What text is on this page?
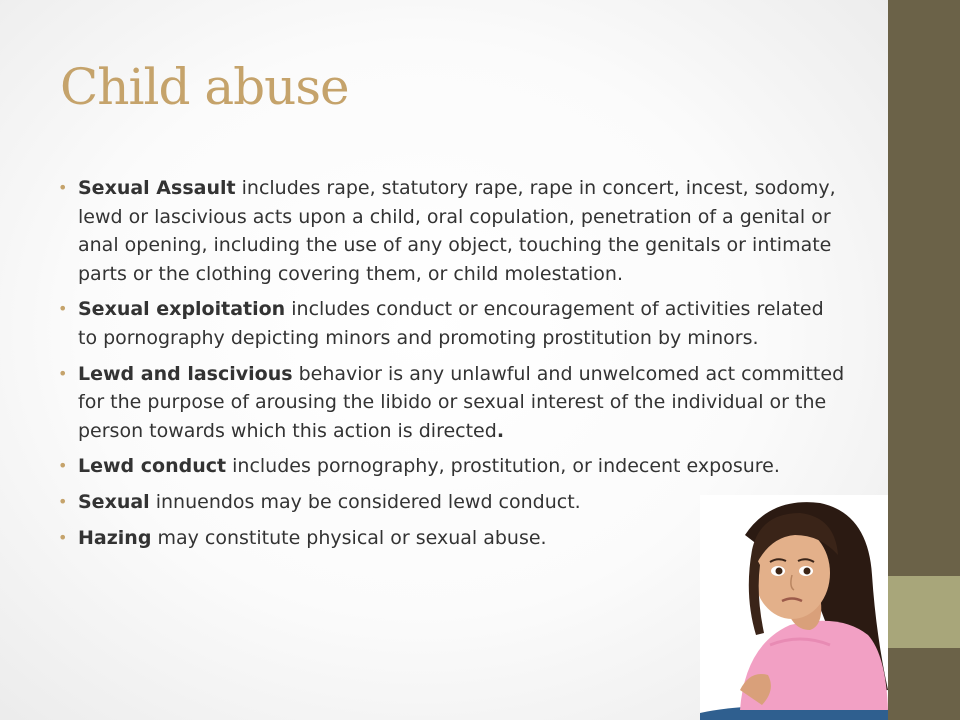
Child abuse
• Sexual Assault includes rape, statutory rape, rape in concert, incest, sodomy, lewd or lascivious acts upon a child, oral copulation, penetration of a genital or anal opening, including the use of any object, touching the genitals or intimate parts or the clothing covering them, or child molestation.
• Sexual exploitation includes conduct or encouragement of activities related to pornography depicting minors and promoting prostitution by minors.
• Lewd and lascivious behavior is any unlawful and unwelcomed act committed for the purpose of arousing the libido or sexual interest of the individual or the person towards which this action is directed.
• Lewd conduct includes pornography, prostitution, or indecent exposure.
• Sexual innuendos may be considered lewd conduct.
• Hazing may constitute physical or sexual abuse.
